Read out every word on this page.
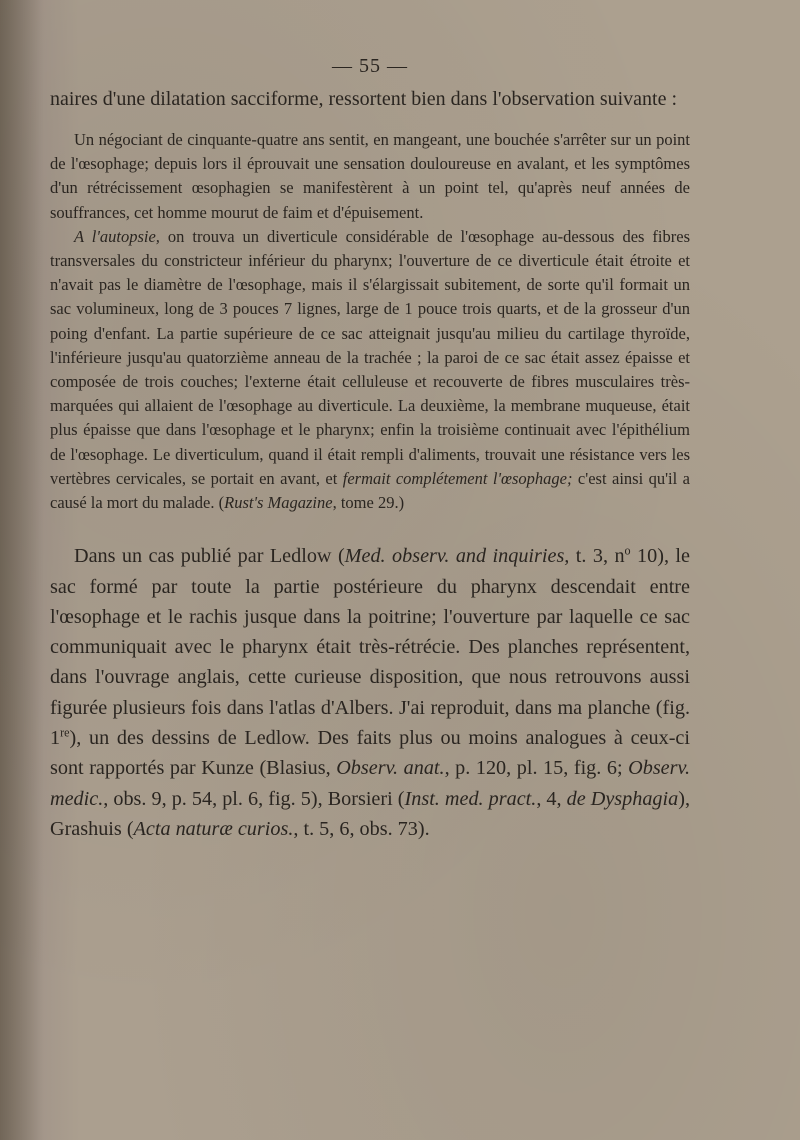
— 55 —

naires d'une dilatation sacciforme, ressortent bien dans l'observation suivante :

Un négociant de cinquante-quatre ans sentit, en mangeant, une bouchée s'arrêter sur un point de l'œsophage; depuis lors il éprouvait une sensation douloureuse en avalant, et les symptômes d'un rétrécissement œsophagien se manifestèrent à un point tel, qu'après neuf années de souffrances, cet homme mourut de faim et d'épuisement.

A l'autopsie, on trouva un diverticule considérable de l'œsophage au-dessous des fibres transversales du constricteur inférieur du pharynx; l'ouverture de ce diverticule était étroite et n'avait pas le diamètre de l'œsophage, mais il s'élargissait subitement, de sorte qu'il formait un sac volumineux, long de 3 pouces 7 lignes, large de 1 pouce trois quarts, et de la grosseur d'un poing d'enfant. La partie supérieure de ce sac atteignait jusqu'au milieu du cartilage thyroïde, l'inférieure jusqu'au quatorzième anneau de la trachée ; la paroi de ce sac était assez épaisse et composée de trois couches; l'externe était celluleuse et recouverte de fibres musculaires très-marquées qui allaient de l'œsophage au diverticule. La deuxième, la membrane muqueuse, était plus épaisse que dans l'œsophage et le pharynx; enfin la troisième continuait avec l'épithélium de l'œsophage. Le diverticulum, quand il était rempli d'aliments, trouvait une résistance vers les vertèbres cervicales, se portait en avant, et fermait complétement l'œsophage; c'est ainsi qu'il a causé la mort du malade. (Rust's Magazine, tome 29.)

Dans un cas publié par Ledlow (Med. observ. and inquiries, t. 3, $n^o$ 10), le sac formé par toute la partie postérieure du pharynx descendait entre l'œsophage et le rachis jusque dans la poitrine; l'ouverture par laquelle ce sac communiquait avec le pharynx était très-rétrécie. Des planches représentent, dans l'ouvrage anglais, cette curieuse disposition, que nous retrouvons aussi figurée plusieurs fois dans l'atlas d'Albers. J'ai reproduit, dans ma planche (fig. 1re), un des dessins de Ledlow. Des faits plus ou moins analogues à ceux-ci sont rapportés par Kunze (Blasius, Observ. anat., p. 120, pl. 15, fig. 6; Observ. medic., obs. 9, p. 54, pl. 6, fig. 5), Borsieri (Inst. med. pract., 4, de Dysphagia), Grashuis (Acta naturæ curios., t. 5, 6, obs. 73).
